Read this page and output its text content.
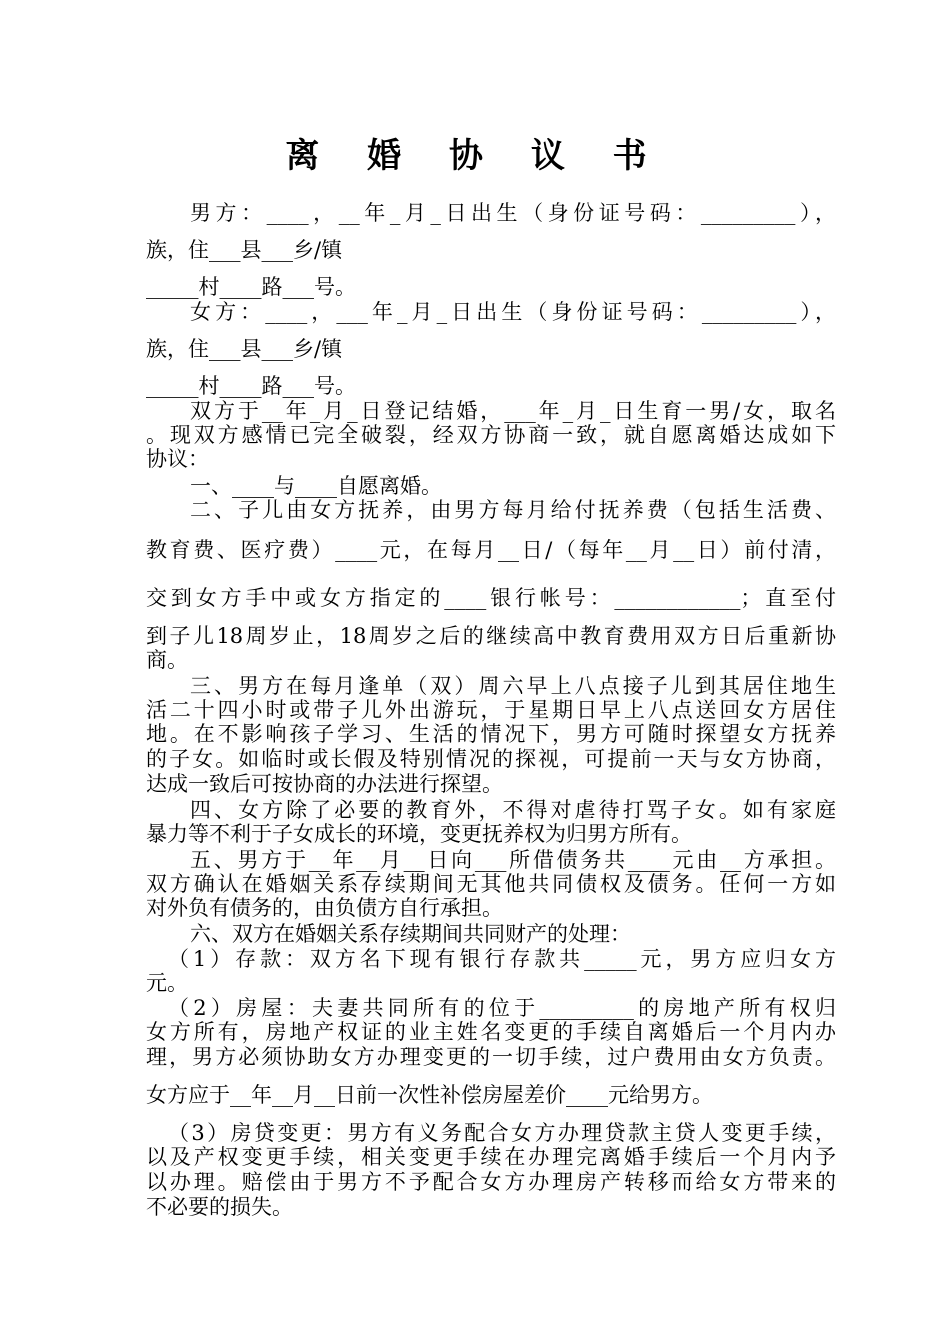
离 婚 协 议 书
男方：____，__年_月_日出生（身份证号码：_________），
族，住___县___乡/镇
_____村____路___号。
女方：____，___年_月_日出生（身份证号码：_________），
族，住___县___乡/镇
_____村____路___号。
双方于__年_月_日登记结婚，___年_月_日生育一男/女，取名
。现双方感情已完全破裂，经双方协商一致，就自愿离婚达成如下
协议：
一、____与____自愿离婚。
二、子儿由女方抚养，由男方每月给付抚养费（包括生活费、
教育费、医疗费）____元，在每月__日/（每年__月__日）前付清，
交到女方手中或女方指定的____银行帐号：____________；直至付
到子儿18周岁止，18周岁之后的继续高中教育费用双方日后重新协
商。
三、男方在每月逢单（双）周六早上八点接子儿到其居住地生
活二十四小时或带子儿外出游玩，于星期日早上八点送回女方居住
地。在不影响孩子学习、生活的情况下，男方可随时探望女方抚养
的子女。如临时或长假及特别情况的探视，可提前一天与女方协商，
达成一致后可按协商的办法进行探望。
四、女方除了必要的教育外，不得对虐待打骂子女。如有家庭
暴力等不利于子女成长的环境，变更抚养权为归男方所有。
五、男方于__年__月__日向___所借债务共____元由__方承担。
双方确认在婚姻关系存续期间无其他共同债权及债务。任何一方如
对外负有债务的，由负债方自行承担。
六、双方在婚姻关系存续期间共同财产的处理：
（1）存款：双方名下现有银行存款共_____元，男方应归女方
元。
（2）房屋：夫妻共同所有的位于_________的房地产所有权归
女方所有，房地产权证的业主姓名变更的手续自离婚后一个月内办
理，男方必须协助女方办理变更的一切手续，过户费用由女方负责。
女方应于__年__月__日前一次性补偿房屋差价____元给男方。
（3）房贷变更：男方有义务配合女方办理贷款主贷人变更手续，
以及产权变更手续，相关变更手续在办理完离婚手续后一个月内予
以办理。赔偿由于男方不予配合女方办理房产转移而给女方带来的
不必要的损失。
